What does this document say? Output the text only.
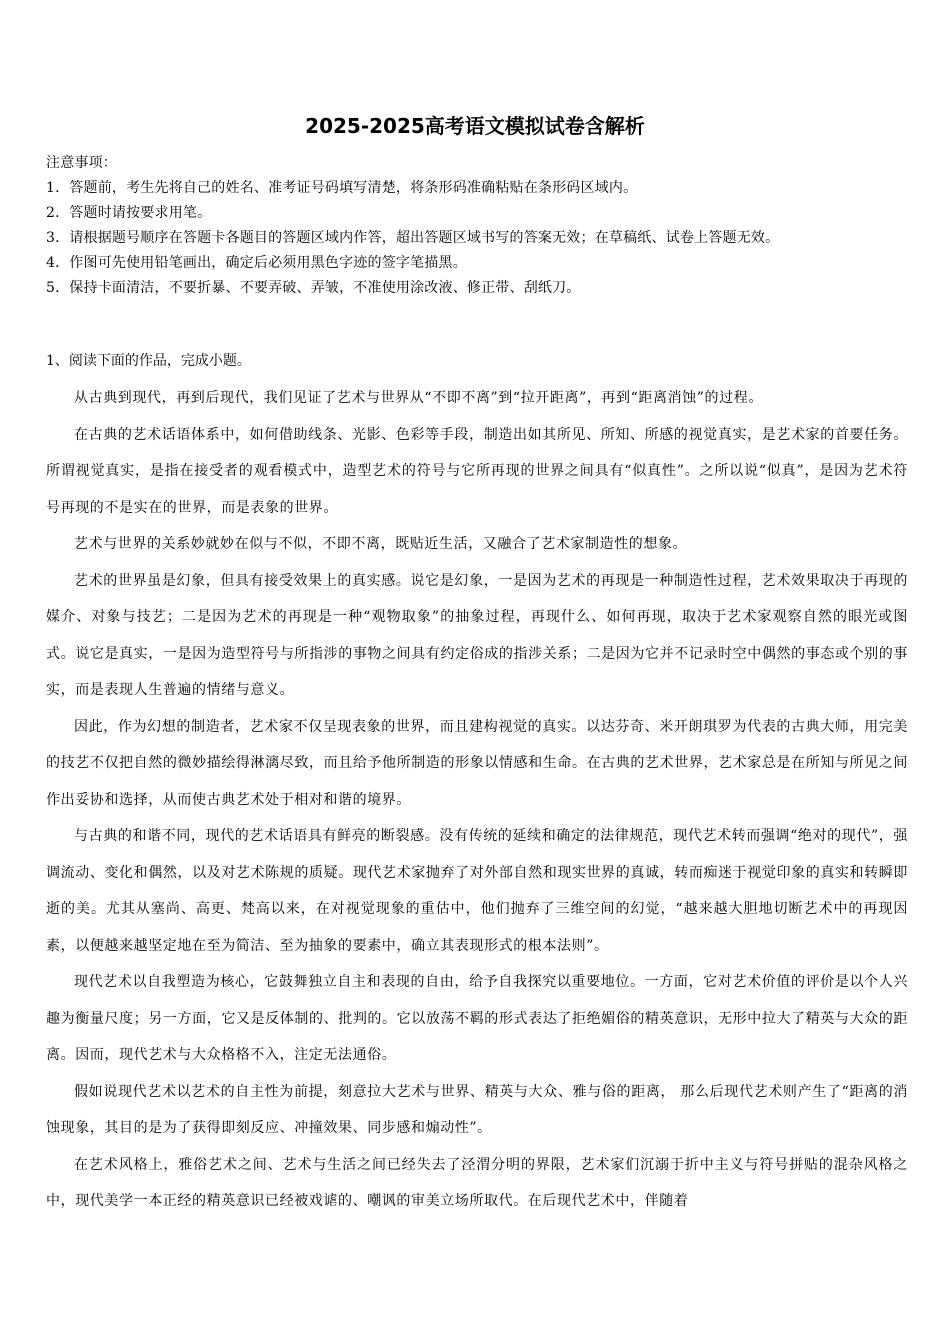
2025-2025高考语文模拟试卷含解析
注意事项：
1．答题前，考生先将自己的姓名、准考证号码填写清楚，将条形码准确粘贴在条形码区域内。
2．答题时请按要求用笔。
3．请根据题号顺序在答题卡各题目的答题区域内作答，超出答题区域书写的答案无效；在草稿纸、试卷上答题无效。
4．作图可先使用铅笔画出，确定后必须用黑色字迹的签字笔描黑。
5．保持卡面清洁，不要折暴、不要弄破、弄皱，不准使用涂改液、修正带、刮纸刀。
1、阅读下面的作品，完成小题。

从古典到现代，再到后现代，我们见证了艺术与世界从“不即不离”到“拉开距离”，再到“距离消蚀”的过程。

在古典的艺术话语体系中，如何借助线条、光影、色彩等手段，制造出如其所见、所知、所感的视觉真实，是艺术家的首要任务。所谓视觉真实，是指在接受者的观看模式中，造型艺术的符号与它所再现的世界之间具有“似真性”。之所以说“似真”，是因为艺术符号再现的不是实在的世界，而是表象的世界。

艺术与世界的关系妙就妙在似与不似，不即不离，既贴近生活，又融合了艺术家制造性的想象。

艺术的世界虽是幻象，但具有接受效果上的真实感。说它是幻象，一是因为艺术的再现是一种制造性过程，艺术效果取决于再现的媒介、对象与技艺；二是因为艺术的再现是一种“观物取象”的抽象过程，再现什么、如何再现，取决于艺术家观察自然的眼光或图式。说它是真实，一是因为造型符号与所指涉的事物之间具有约定俗成的指涉关系；二是因为它并不记录时空中偶然的事态或个别的事实，而是表现人生普遍的情绪与意义。

因此，作为幻想的制造者，艺术家不仅呈现表象的世界，而且建构视觉的真实。以达芬奇、米开朗琪罗为代表的古典大师，用完美的技艺不仅把自然的微妙描绘得淋漓尽致，而且给予他所制造的形象以情感和生命。在古典的艺术世界，艺术家总是在所知与所见之间作出妥协和选择，从而使古典艺术处于相对和谐的境界。

与古典的和谐不同，现代的艺术话语具有鲜亮的断裂感。没有传统的延续和确定的法律规范，现代艺术转而强调“绝对的现代”，强调流动、变化和偶然，以及对艺术陈规的质疑。现代艺术家抛弃了对外部自然和现实世界的真诚，转而痴迷于视觉印象的真实和转瞬即逝的美。尤其从塞尚、高更、梵高以来，在对视觉现象的重估中，他们抛弃了三维空间的幻觉，“越来越大胆地切断艺术中的再现因素，以便越来越坚定地在至为简洁、至为抽象的要素中，确立其表现形式的根本法则”。

现代艺术以自我塑造为核心，它鼓舞独立自主和表现的自由，给予自我探究以重要地位。一方面，它对艺术价值的评价是以个人兴趣为衡量尺度；另一方面，它又是反体制的、批判的。它以放荡不羁的形式表达了拒绝媚俗的精英意识，无形中拉大了精英与大众的距离。因而，现代艺术与大众格格不入，注定无法通俗。

假如说现代艺术以艺术的自主性为前提，刻意拉大艺术与世界、精英与大众、雅与俗的距离， 那么后现代艺术则产生了“距离的消蚀现象，其目的是为了获得即刻反应、冲撞效果、同步感和煽动性”。

在艺术风格上，雅俗艺术之间、艺术与生活之间已经失去了泾渭分明的界限，艺术家们沉溺于折中主义与符号拼贴的混杂风格之中，现代美学一本正经的精英意识已经被戏谑的、嘲讽的审美立场所取代。在后现代艺术中，伴随着
